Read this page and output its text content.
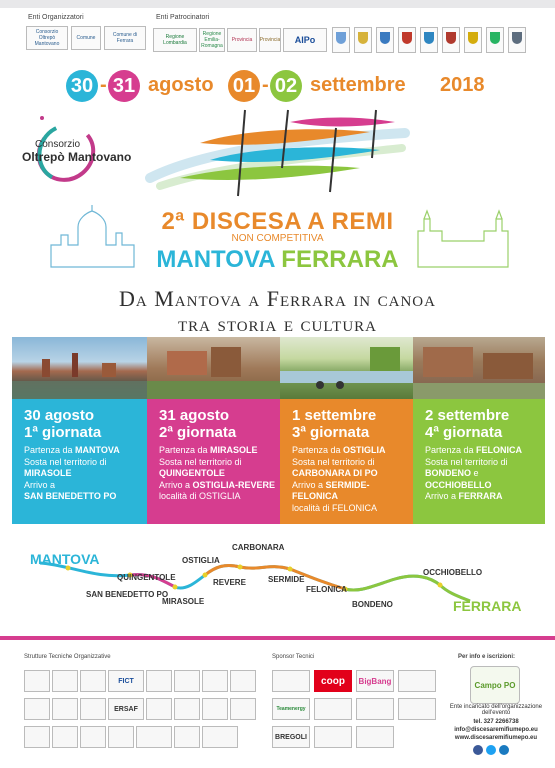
Enti Organizzatori	Enti Patrocinatori
Consorzio Oltrepò Mantovano
Comune	Comune di Ferrara
Regione Lombardia
Regione Emilia-Romagna
Provincia	Provincia	AIPo
30 - 31 agosto 01 - 02 settembre 2018
Consorzio
Oltrepò Mantovano
2ª DISCESA A REMI
NON COMPETITIVA
MANTOVA FERRARA
Da Mantova a Ferrara in canoa
tra storia e cultura
30 agosto
1ª giornata
Partenza da MANTOVA
Sosta nel territorio di
MIRASOLE
Arrivo a
SAN BENEDETTO PO
31 agosto
2ª giornata
Partenza da MIRASOLE
Sosta nel territorio di
QUINGENTOLE
Arrivo a OSTIGLIA-REVERE
località di OSTIGLIA
1 settembre
3ª giornata
Partenza da OSTIGLIA
Sosta nel territorio di
CARBONARA DI PO
Arrivo a SERMIDE-FELONICA
località di FELONICA
2 settembre
4ª giornata
Partenza da FELONICA
Sosta nel territorio di
BONDENO e
OCCHIOBELLO
Arrivo a FERRARA
MANTOVA
FERRARA
SAN BENEDETTO PO
QUINGENTOLE
MIRASOLE
OSTIGLIA
REVERE
CARBONARA
SERMIDE
FELONICA
BONDENO
OCCHIOBELLO
Strutture Tecniche Organizzative	Sponsor Tecnici	Per info e iscrizioni:
FICT
ERSAF
coop	BigBang
Teamenergy
BREGOLI
Campo PO
Ente incaricato dell'organizzazione dell'evento
tel. 327 2266738
info@discesaremifiumepo.eu
www.discesaremifiumepo.eu
